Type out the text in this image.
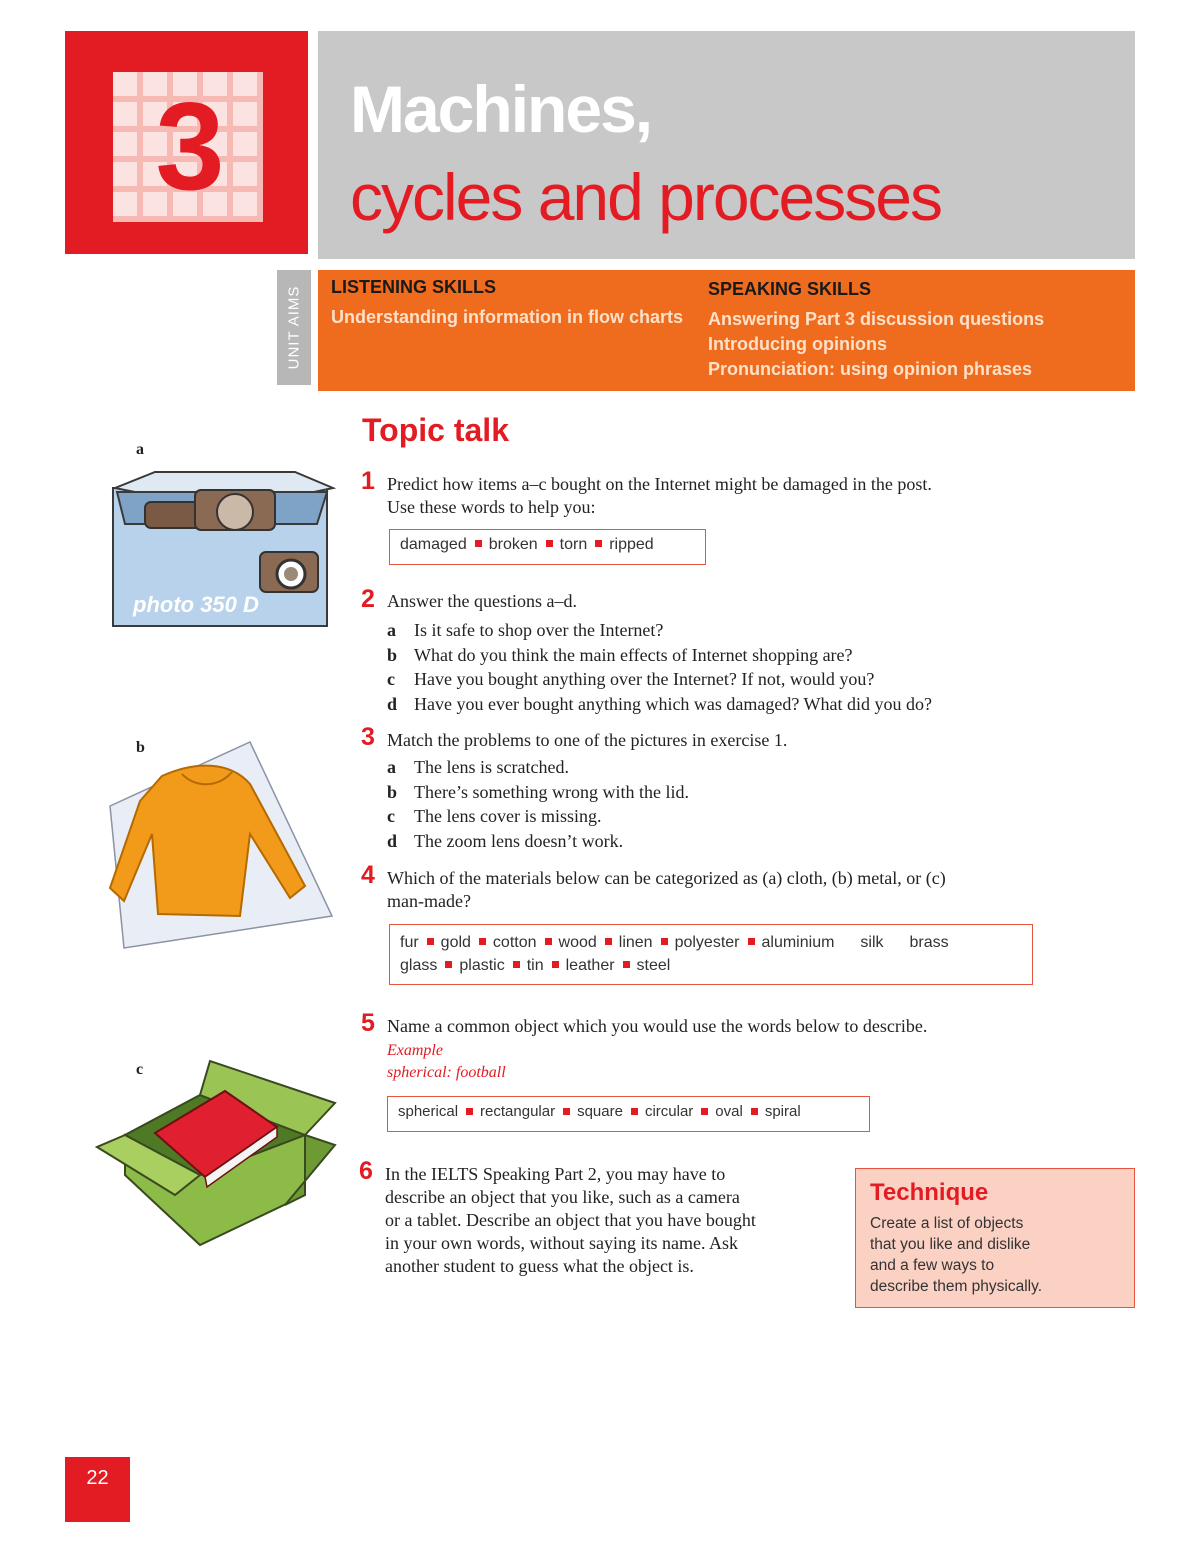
3	Machines,
cycles and processes
UNIT AIMS LISTENING SKILLS
Understanding information in flow charts
SPEAKING SKILLS
Answering Part 3 discussion questions
Introducing opinions
Pronunciation: using opinion phrases
a
photo 350 D
b
c
Topic talk
1 Predict how items a–c bought on the Internet might be damaged in the post.
Use these words to help you:
damaged broken torn ripped
2 Answer the questions a–d.
a Is it safe to shop over the Internet?
b What do you think the main effects of Internet shopping are?
c Have you bought anything over the Internet? If not, would you?
d Have you ever bought anything which was damaged? What did you do?
3 Match the problems to one of the pictures in exercise 1.
a The lens is scratched.
b There’s something wrong with the lid.
c The lens cover is missing.
d The zoom lens doesn’t work.
4 Which of the materials below can be categorized as (a) cloth, (b) metal, or (c)
man-made?
fur gold cotton wood linen polyester aluminium silk brass
glass plastic tin leather steel
5 Name a common object which you would use the words below to describe.
Example
spherical: football
spherical rectangular square circular oval spiral
6 In the IELTS Speaking Part 2, you may have to
describe an object that you like, such as a camera
or a tablet. Describe an object that you have bought
in your own words, without saying its name. Ask
another student to guess what the object is.
Technique
Create a list of objects
that you like and dislike
and a few ways to
describe them physically.
22
